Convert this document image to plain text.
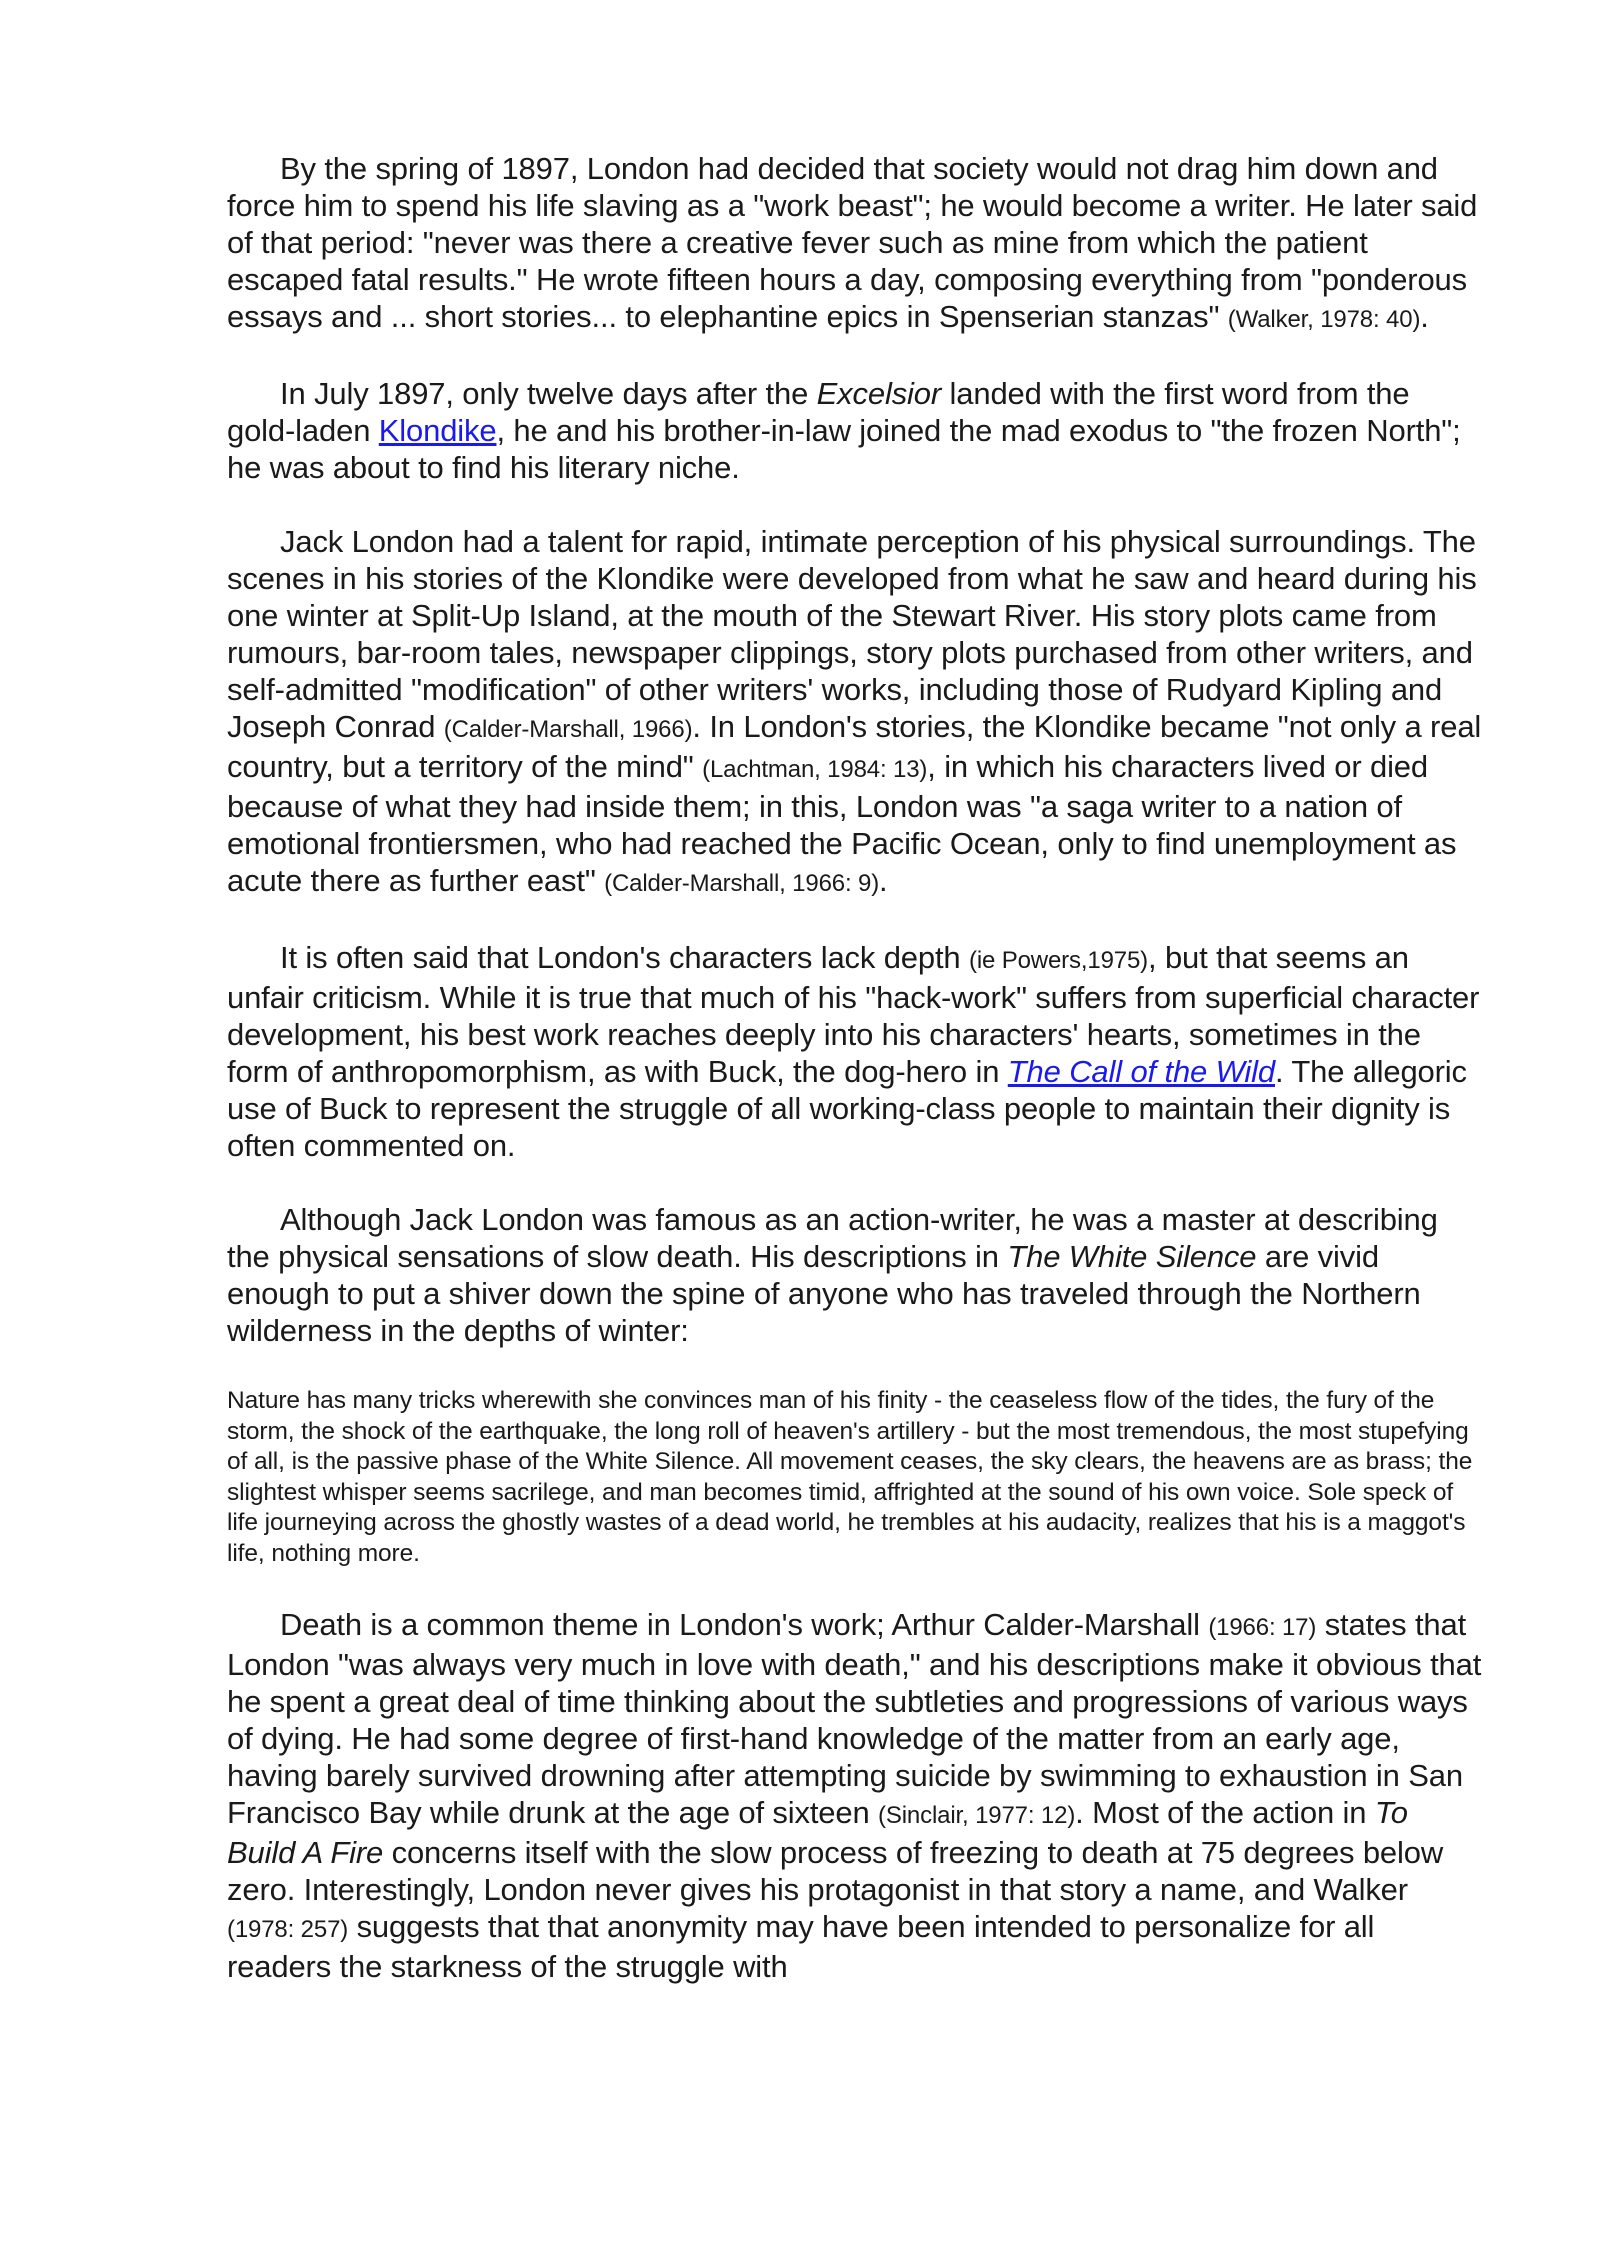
By the spring of 1897, London had decided that society would not drag him down and force him to spend his life slaving as a "work beast"; he would become a writer. He later said of that period: "never was there a creative fever such as mine from which the patient escaped fatal results." He wrote fifteen hours a day, composing everything from "ponderous essays and ... short stories... to elephantine epics in Spenserian stanzas" (Walker, 1978: 40).

In July 1897, only twelve days after the Excelsior landed with the first word from the gold-laden Klondike, he and his brother-in-law joined the mad exodus to "the frozen North"; he was about to find his literary niche.

Jack London had a talent for rapid, intimate perception of his physical surroundings. The scenes in his stories of the Klondike were developed from what he saw and heard during his one winter at Split-Up Island, at the mouth of the Stewart River. His story plots came from rumours, bar-room tales, newspaper clippings, story plots purchased from other writers, and self-admitted "modification" of other writers' works, including those of Rudyard Kipling and Joseph Conrad (Calder-Marshall, 1966). In London's stories, the Klondike became "not only a real country, but a territory of the mind" (Lachtman, 1984: 13), in which his characters lived or died because of what they had inside them; in this, London was "a saga writer to a nation of emotional frontiersmen, who had reached the Pacific Ocean, only to find unemployment as acute there as further east" (Calder-Marshall, 1966: 9).

It is often said that London's characters lack depth (ie Powers,1975), but that seems an unfair criticism. While it is true that much of his "hack-work" suffers from superficial character development, his best work reaches deeply into his characters' hearts, sometimes in the form of anthropomorphism, as with Buck, the dog-hero in The Call of the Wild. The allegoric use of Buck to represent the struggle of all working-class people to maintain their dignity is often commented on.

Although Jack London was famous as an action-writer, he was a master at describing the physical sensations of slow death. His descriptions in The White Silence are vivid enough to put a shiver down the spine of anyone who has traveled through the Northern wilderness in the depths of winter:

Nature has many tricks wherewith she convinces man of his finity - the ceaseless flow of the tides, the fury of the storm, the shock of the earthquake, the long roll of heaven's artillery - but the most tremendous, the most stupefying of all, is the passive phase of the White Silence. All movement ceases, the sky clears, the heavens are as brass; the slightest whisper seems sacrilege, and man becomes timid, affrighted at the sound of his own voice. Sole speck of life journeying across the ghostly wastes of a dead world, he trembles at his audacity, realizes that his is a maggot's life, nothing more.

Death is a common theme in London's work; Arthur Calder-Marshall (1966: 17) states that London "was always very much in love with death," and his descriptions make it obvious that he spent a great deal of time thinking about the subtleties and progressions of various ways of dying. He had some degree of first-hand knowledge of the matter from an early age, having barely survived drowning after attempting suicide by swimming to exhaustion in San Francisco Bay while drunk at the age of sixteen (Sinclair, 1977: 12). Most of the action in To Build A Fire concerns itself with the slow process of freezing to death at 75 degrees below zero. Interestingly, London never gives his protagonist in that story a name, and Walker (1978: 257) suggests that that anonymity may have been intended to personalize for all readers the starkness of the struggle with
